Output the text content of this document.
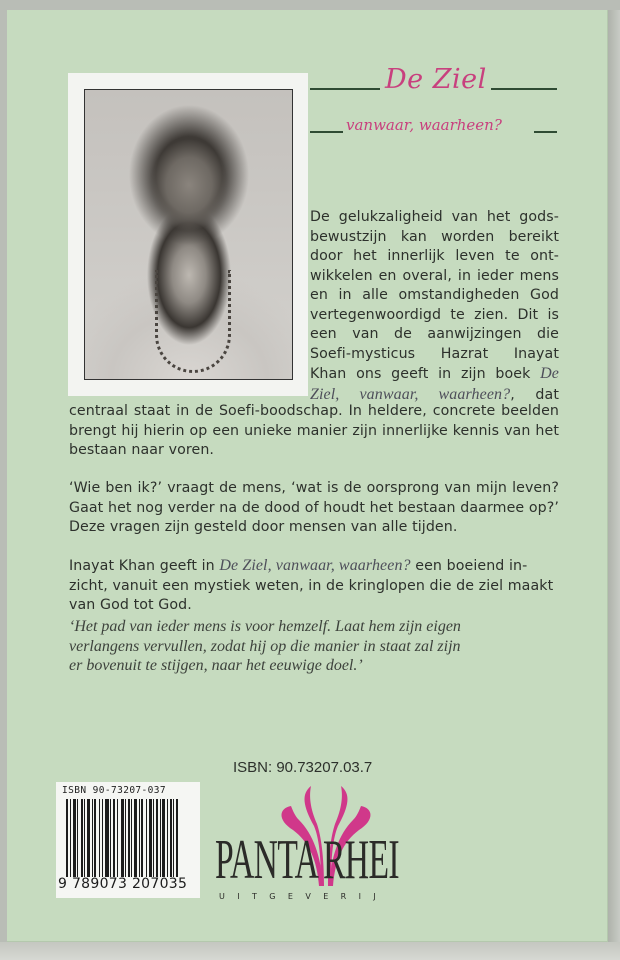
De Ziel
vanwaar, waarheen?
De gelukzaligheid van het gods-
bewustzijn kan worden bereikt
door het innerlijk leven te ont-
wikkelen en overal, in ieder mens
en in alle omstandigheden God
vertegenwoordigd te zien. Dit is
een van de aanwijzingen die
Soefi-mysticus Hazrat Inayat
Khan ons geeft in zijn boek De
Ziel, vanwaar, waarheen?, dat
centraal staat in de Soefi-boodschap. In heldere, concrete beelden brengt hij hierin op een unieke manier zijn innerlijke kennis van het bestaan naar voren.
‘Wie ben ik?’ vraagt de mens, ‘wat is de oorsprong van mijn leven? Gaat het nog verder na de dood of houdt het bestaan daarmee op?’ Deze vragen zijn gesteld door mensen van alle tijden.
Inayat Khan geeft in De Ziel, vanwaar, waarheen? een boeiend in-zicht, vanuit een mystiek weten, in de kringlopen die de ziel maakt van God tot God.
‘Het pad van ieder mens is voor hemzelf. Laat hem zijn eigen
verlangens vervullen, zodat hij op die manier in staat zal zijn
er bovenuit te stijgen, naar het eeuwige doel.’
ISBN: 90.73207.03.7
ISBN 90-73207-037
9 789073 207035 PANTA RHEI
UITGEVERIJ
